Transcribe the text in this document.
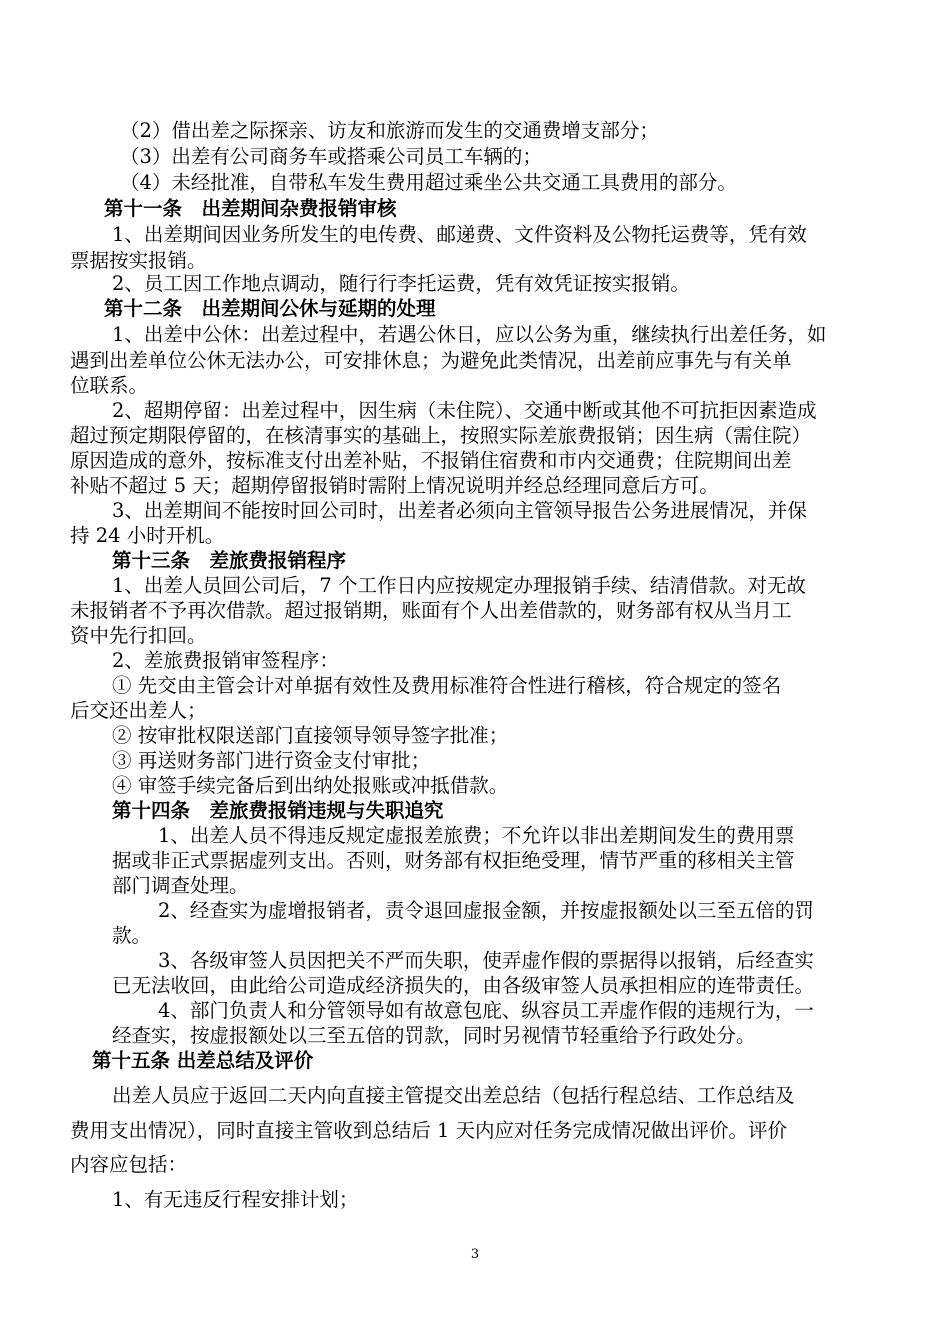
（2）借出差之际探亲、访友和旅游而发生的交通费增支部分；
（3）出差有公司商务车或搭乘公司员工车辆的；
（4）未经批准，自带私车发生费用超过乘坐公共交通工具费用的部分。
第十一条　出差期间杂费报销审核
1、出差期间因业务所发生的电传费、邮递费、文件资料及公物托运费等，凭有效
票据按实报销。
2、员工因工作地点调动，随行行李托运费，凭有效凭证按实报销。
第十二条　出差期间公休与延期的处理
1、出差中公休：出差过程中，若遇公休日，应以公务为重，继续执行出差任务，如
遇到出差单位公休无法办公，可安排休息；为避免此类情况，出差前应事先与有关单
位联系。
2、超期停留：出差过程中，因生病（未住院）、交通中断或其他不可抗拒因素造成
超过预定期限停留的，在核清事实的基础上，按照实际差旅费报销；因生病（需住院）
原因造成的意外，按标准支付出差补贴，不报销住宿费和市内交通费；住院期间出差
补贴不超过 5 天；超期停留报销时需附上情况说明并经总经理同意后方可。
3、出差期间不能按时回公司时，出差者必须向主管领导报告公务进展情况，并保
持 24 小时开机。
第十三条　差旅费报销程序
1、出差人员回公司后，7 个工作日内应按规定办理报销手续、结清借款。对无故
未报销者不予再次借款。超过报销期，账面有个人出差借款的，财务部有权从当月工
资中先行扣回。
2、差旅费报销审签程序：
① 先交由主管会计对单据有效性及费用标准符合性进行稽核，符合规定的签名
后交还出差人；
② 按审批权限送部门直接领导领导签字批准；
③ 再送财务部门进行资金支付审批；
④ 审签手续完备后到出纳处报账或冲抵借款。
第十四条　差旅费报销违规与失职追究
1、出差人员不得违反规定虚报差旅费；不允许以非出差期间发生的费用票
据或非正式票据虚列支出。否则，财务部有权拒绝受理，情节严重的移相关主管
部门调查处理。
2、经查实为虚增报销者，责令退回虚报金额，并按虚报额处以三至五倍的罚
款。
3、各级审签人员因把关不严而失职，使弄虚作假的票据得以报销，后经查实
已无法收回，由此给公司造成经济损失的，由各级审签人员承担相应的连带责任。
4、部门负责人和分管领导如有故意包庇、纵容员工弄虚作假的违规行为，一
经查实，按虚报额处以三至五倍的罚款，同时另视情节轻重给予行政处分。
第十五条 出差总结及评价
出差人员应于返回二天内向直接主管提交出差总结（包括行程总结、工作总结及
费用支出情况），同时直接主管收到总结后 1 天内应对任务完成情况做出评价。评价
内容应包括：
1、有无违反行程安排计划；
3
